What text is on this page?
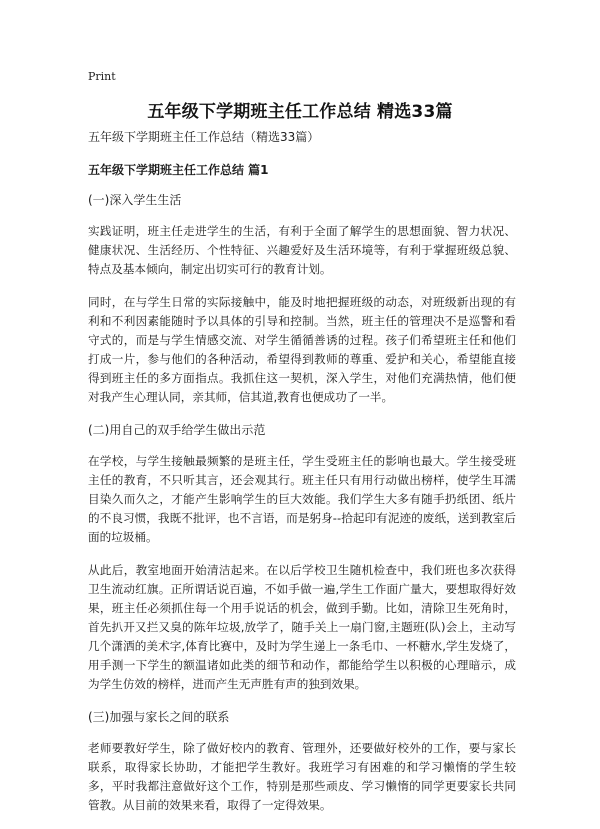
Print
五年级下学期班主任工作总结 精选33篇

五年级下学期班主任工作总结（精选33篇）

五年级下学期班主任工作总结 篇1

(一)深入学生生活

实践证明，班主任走进学生的生活，有利于全面了解学生的思想面貌、智力状况、健康状况、生活经历、个性特征、兴趣爱好及生活环境等，有利于掌握班级总貌、特点及基本倾向，制定出切实可行的教育计划。

同时，在与学生日常的实际接触中，能及时地把握班级的动态，对班级新出现的有利和不利因素能随时予以具体的引导和控制。当然，班主任的管理决不是巡警和看守式的，而是与学生情感交流、对学生循循善诱的过程。孩子们希望班主任和他们打成一片，参与他们的各种活动，希望得到教师的尊重、爱护和关心，希望能直接得到班主任的多方面指点。我抓住这一契机，深入学生，对他们充满热情，他们便对我产生心理认同，亲其师，信其道,教育也便成功了一半。

(二)用自己的双手给学生做出示范

在学校，与学生接触最频繁的是班主任，学生受班主任的影响也最大。学生接受班主任的教育，不只听其言，还会观其行。班主任只有用行动做出榜样，使学生耳濡目染久而久之，才能产生影响学生的巨大效能。我们学生大多有随手扔纸团、纸片的不良习惯，我既不批评，也不言语，而是躬身--拾起印有泥迹的废纸，送到教室后面的垃圾桶。

从此后，教室地面开始清洁起来。在以后学校卫生随机检查中，我们班也多次获得卫生流动红旗。正所谓话说百遍，不如手做一遍,学生工作面广量大，要想取得好效果，班主任必须抓住每一个用手说话的机会，做到手勤。比如，清除卫生死角时，首先扒开又拦又臭的陈年垃圾,放学了，随手关上一扇门窗,主题班(队)会上，主动写几个潇洒的美术字,体育比赛中，及时为学生递上一条毛巾、一杯糖水,学生发烧了，用手测一下学生的额温诸如此类的细节和动作，都能给学生以积极的心理暗示，成为学生仿效的榜样，进而产生无声胜有声的独到效果。

(三)加强与家长之间的联系

老师要教好学生，除了做好校内的教育、管理外，还要做好校外的工作，要与家长联系，取得家长协助，才能把学生教好。我班学习有困难的和学习懒惰的学生较多，平时我都注意做好这个工作，特别是那些顽皮、学习懒惰的同学更要家长共同管教。从目前的效果来看，取得了一定得效果。
